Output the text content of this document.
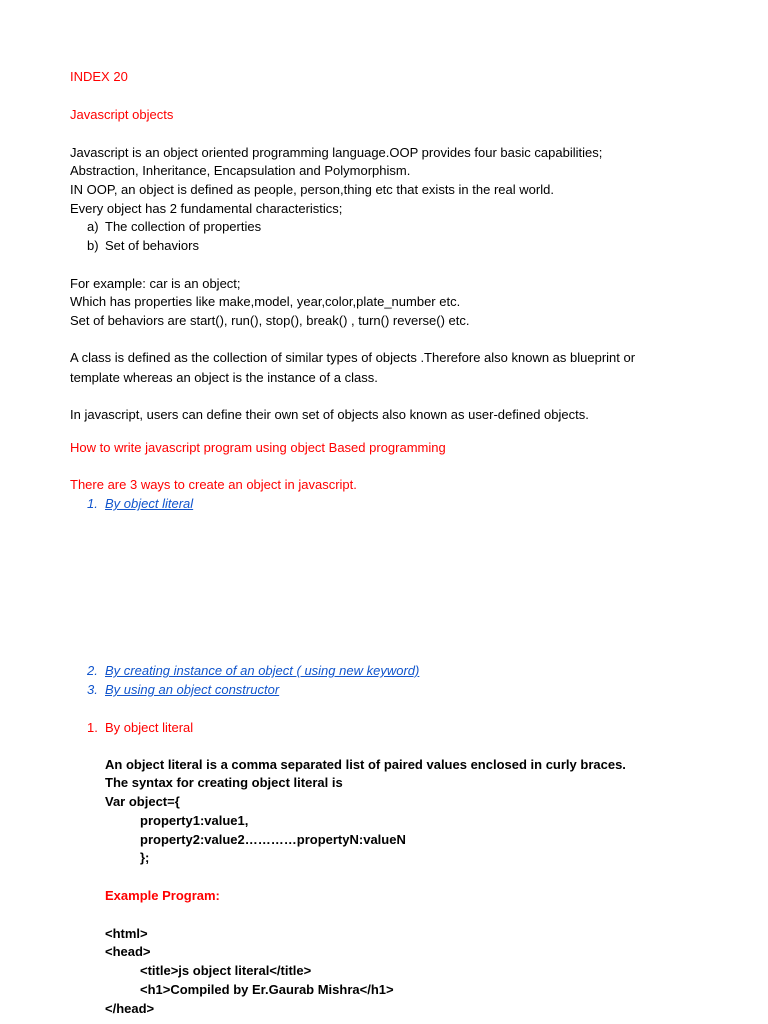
INDEX 20
Javascript objects
Javascript is an object oriented programming language.OOP provides four basic capabilities;
Abstraction, Inheritance, Encapsulation and Polymorphism.
IN OOP, an object is defined as people, person,thing etc that exists in the real world.
Every object has 2 fundamental characteristics;
a) The collection of properties
b) Set of behaviors
For example: car is an object;
Which has properties like make,model, year,color,plate_number etc.
Set of behaviors are start(), run(), stop(), break() , turn() reverse() etc.
A class is defined as the collection of similar types of objects .Therefore also known as blueprint or
template whereas an object is the instance of a class.
In javascript, users can define their own set of objects also known as user-defined objects.
How to write javascript program using object Based programming
There are 3 ways to create an object in javascript.
1. By object literal
2. By creating instance of an object ( using new keyword)
3. By using an object constructor
1. By object literal
An object literal is a comma separated list of paired values enclosed in curly braces.
The syntax for creating object literal is
Var object={
property1:value1,
property2:value2…………propertyN:valueN
};
Example Program:
<html>
<head>
<title>js object literal</title>
<h1>Compiled by Er.Gaurab Mishra</h1>
</head>
